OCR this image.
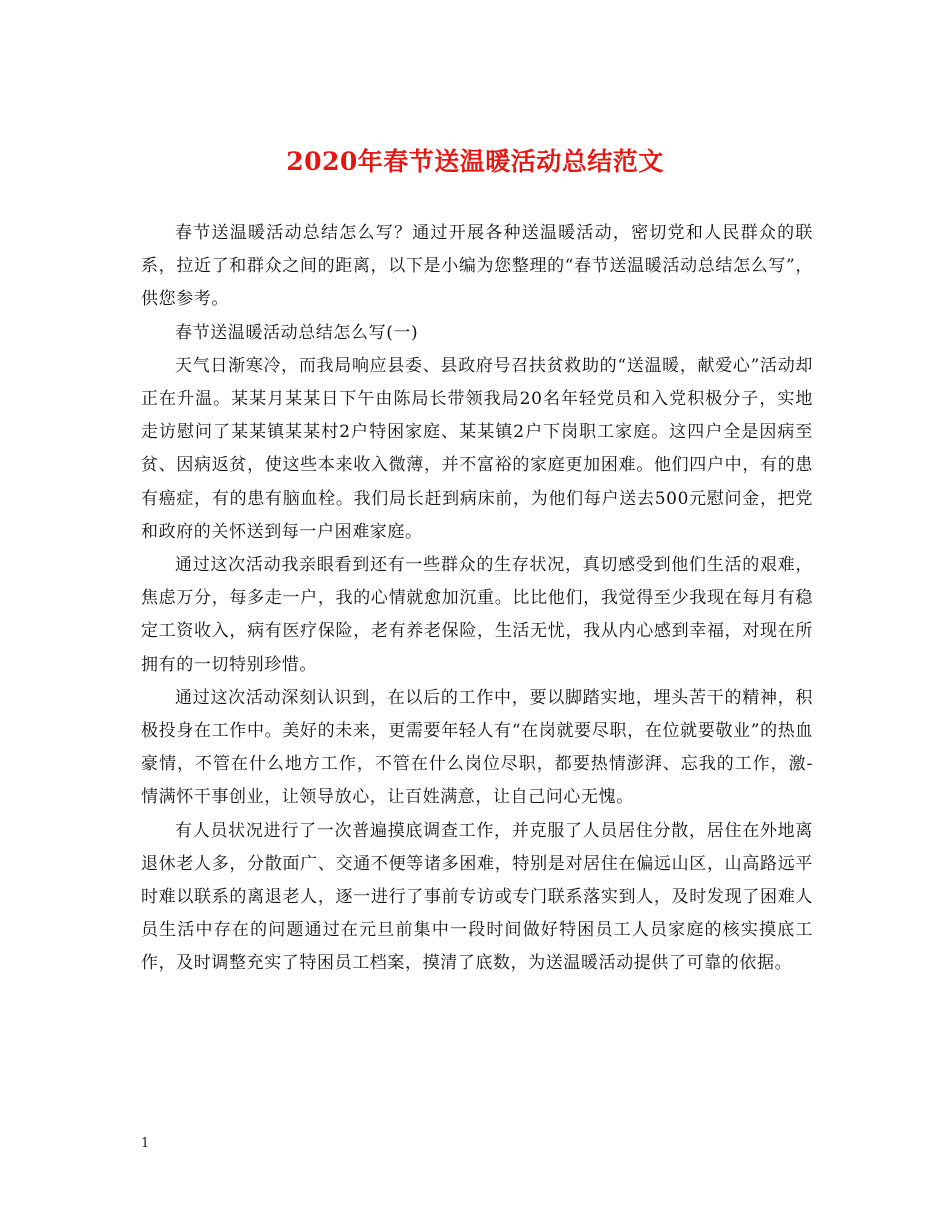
2020年春节送温暖活动总结范文

春节送温暖活动总结怎么写？通过开展各种送温暖活动，密切党和人民群众的联系，拉近了和群众之间的距离，以下是小编为您整理的“春节送温暖活动总结怎么写”，供您参考。

春节送温暖活动总结怎么写(一)

天气日渐寒冷，而我局响应县委、县政府号召扶贫救助的“送温暖，献爱心”活动却正在升温。某某月某某日下午由陈局长带领我局20名年轻党员和入党积极分子，实地走访慰问了某某镇某某村2户特困家庭、某某镇2户下岗职工家庭。这四户全是因病至贫、因病返贫，使这些本来收入微薄，并不富裕的家庭更加困难。他们四户中，有的患有癌症，有的患有脑血栓。我们局长赶到病床前，为他们每户送去500元慰问金，把党和政府的关怀送到每一户困难家庭。

通过这次活动我亲眼看到还有一些群众的生存状况，真切感受到他们生活的艰难，焦虑万分，每多走一户，我的心情就愈加沉重。比比他们，我觉得至少我现在每月有稳定工资收入，病有医疗保险，老有养老保险，生活无忧，我从内心感到幸福，对现在所拥有的一切特别珍惜。

通过这次活动深刻认识到，在以后的工作中，要以脚踏实地，埋头苦干的精神，积极投身在工作中。美好的未来，更需要年轻人有“在岗就要尽职，在位就要敬业”的热血豪情，不管在什么地方工作，不管在什么岗位尽职，都要热情澎湃、忘我的工作，激-情满怀干事创业，让领导放心，让百姓满意，让自己问心无愧。

有人员状况进行了一次普遍摸底调查工作，并克服了人员居住分散，居住在外地离退休老人多，分散面广、交通不便等诸多困难，特别是对居住在偏远山区，山高路远平时难以联系的离退老人，逐一进行了事前专访或专门联系落实到人，及时发现了困难人员生活中存在的问题通过在元旦前集中一段时间做好特困员工人员家庭的核实摸底工作，及时调整充实了特困员工档案，摸清了底数，为送温暖活动提供了可靠的依据。

1
